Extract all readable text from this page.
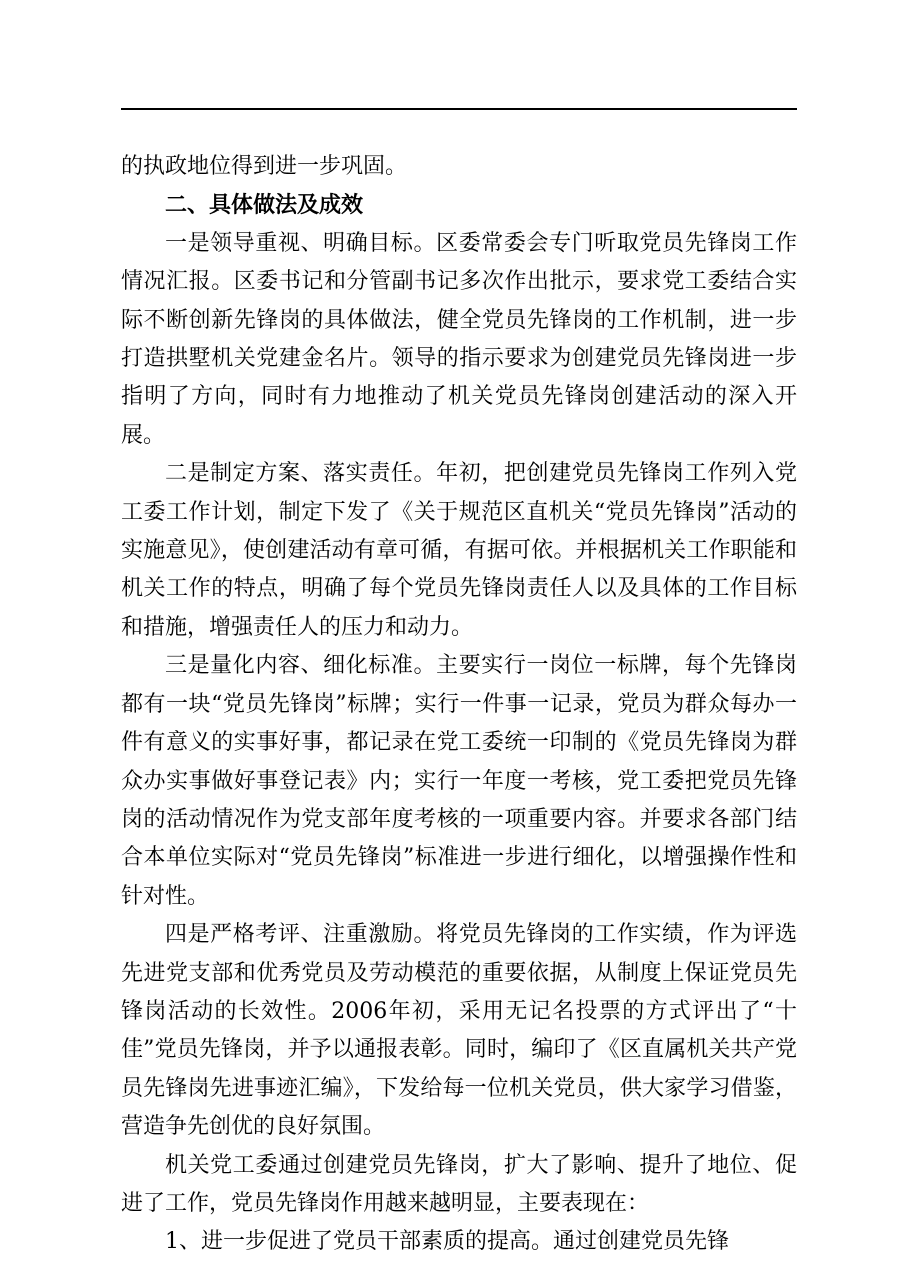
的执政地位得到进一步巩固。

二、具体做法及成效

一是领导重视、明确目标。区委常委会专门听取党员先锋岗工作情况汇报。区委书记和分管副书记多次作出批示，要求党工委结合实际不断创新先锋岗的具体做法，健全党员先锋岗的工作机制，进一步打造拱墅机关党建金名片。领导的指示要求为创建党员先锋岗进一步指明了方向，同时有力地推动了机关党员先锋岗创建活动的深入开展。

二是制定方案、落实责任。年初，把创建党员先锋岗工作列入党工委工作计划，制定下发了《关于规范区直机关“党员先锋岗”活动的实施意见》，使创建活动有章可循，有据可依。并根据机关工作职能和机关工作的特点，明确了每个党员先锋岗责任人以及具体的工作目标和措施，增强责任人的压力和动力。

三是量化内容、细化标准。主要实行一岗位一标牌，每个先锋岗都有一块“党员先锋岗”标牌；实行一件事一记录，党员为群众每办一件有意义的实事好事，都记录在党工委统一印制的《党员先锋岗为群众办实事做好事登记表》内；实行一年度一考核，党工委把党员先锋岗的活动情况作为党支部年度考核的一项重要内容。并要求各部门结合本单位实际对“党员先锋岗”标准进一步进行细化，以增强操作性和针对性。

四是严格考评、注重激励。将党员先锋岗的工作实绩，作为评选先进党支部和优秀党员及劳动模范的重要依据，从制度上保证党员先锋岗活动的长效性。2006年初，采用无记名投票的方式评出了“十佳”党员先锋岗，并予以通报表彰。同时，编印了《区直属机关共产党员先锋岗先进事迹汇编》，下发给每一位机关党员，供大家学习借鉴，营造争先创优的良好氛围。

机关党工委通过创建党员先锋岗，扩大了影响、提升了地位、促进了工作，党员先锋岗作用越来越明显，主要表现在：

1、进一步促进了党员干部素质的提高。通过创建党员先锋
